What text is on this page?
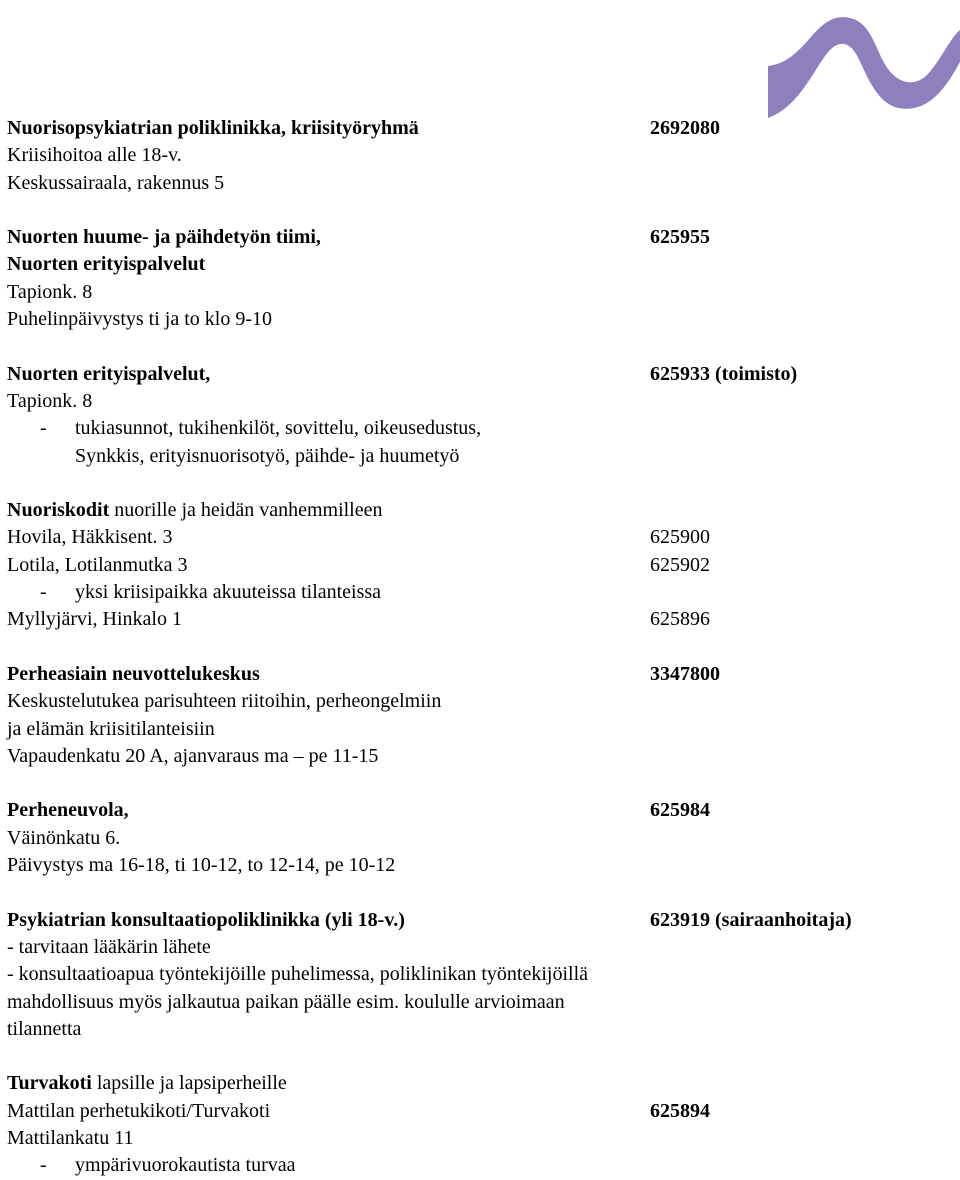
Nuorisopsykiatrian poliklinikka, kriisityöryhmä	2692080
Kriisihoitoa alle 18-v.
Keskussairaala, rakennus 5
Nuorten huume- ja päihdetyön tiimi,	625955
Nuorten erityispalvelut
Tapionk. 8
Puhelinpäivystys ti ja to klo 9-10
Nuorten erityispalvelut,	625933 (toimisto)
Tapionk. 8
- tukiasunnot, tukihenkilöt, sovittelu, oikeusedustus,
Synkkis, erityisnuorisotyö, päihde- ja huumetyö
Nuoriskodit nuorille ja heidän vanhemmilleen
Hovila, Häkkisent. 3	625900
Lotila, Lotilanmutka 3	625902
- yksi kriisipaikka akuuteissa tilanteissa
Myllyjärvi, Hinkalo 1	625896
Perheasiain neuvottelukeskus	3347800
Keskustelutukea parisuhteen riitoihin, perheongelmiin
ja elämän kriisitilanteisiin
Vapaudenkatu 20 A, ajanvaraus ma – pe 11-15
Perheneuvola,	625984
Väinönkatu 6.
Päivystys ma 16-18, ti 10-12, to 12-14, pe 10-12
Psykiatrian konsultaatiopoliklinikka (yli 18-v.)	623919 (sairaanhoitaja)
- tarvitaan lääkärin lähete
- konsultaatioapua työntekijöille puhelimessa, poliklinikan työntekijöillä
mahdollisuus myös jalkautua paikan päälle esim. koululle arvioimaan
tilannetta
Turvakoti lapsille ja lapsiperheille
Mattilan perhetukikoti/Turvakoti	625894
Mattilankatu 11
- ympärivuorokautista turvaa
